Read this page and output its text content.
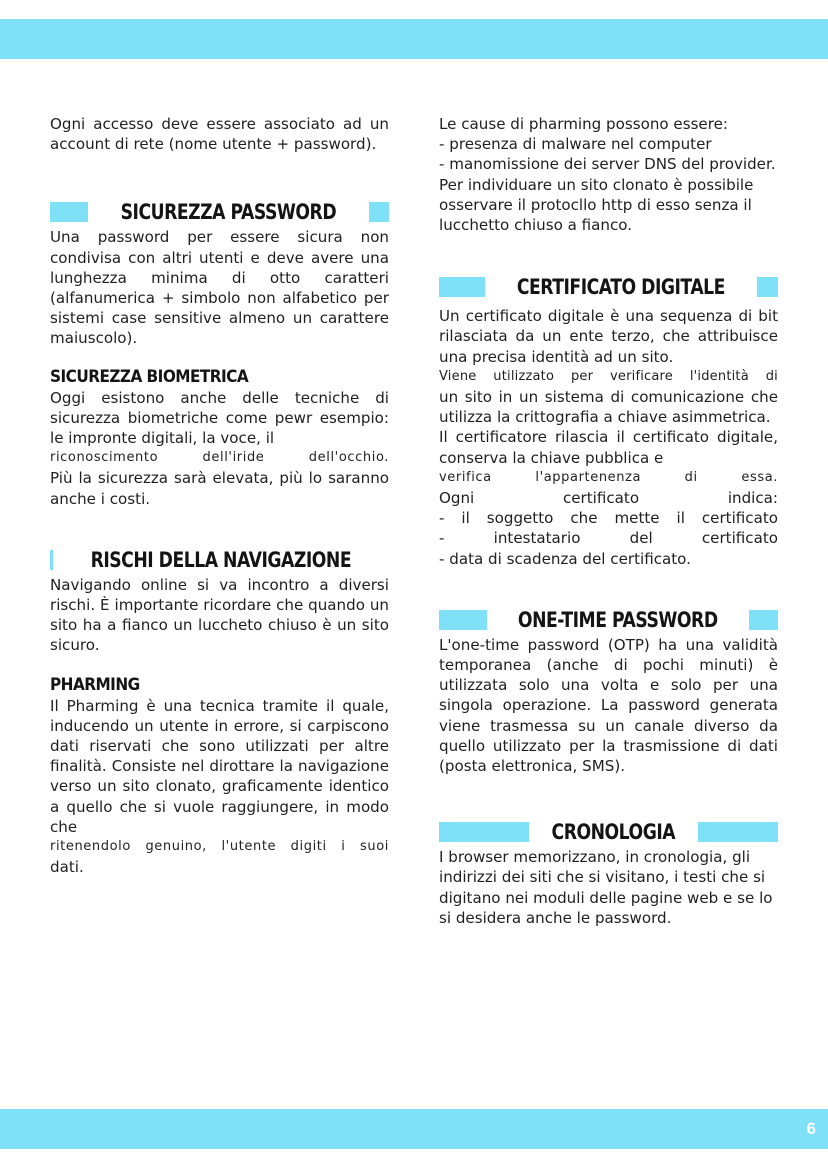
Ogni accesso deve essere associato ad un account di rete (nome utente + password).

SICUREZZA PASSWORD

Una password per essere sicura non condivisa con altri utenti e deve avere una lunghezza minima di otto caratteri (alfanumerica + simbolo non alfabetico per sistemi case sensitive almeno un carattere maiuscolo).

SICUREZZA BIOMETRICA

Oggi esistono anche delle tecniche di sicurezza biometriche come pewr esempio: le impronte digitali, la voce, il

riconoscimento dell'iride dell'occhio.

Più la sicurezza sarà elevata, più lo saranno anche i costi.

RISCHI DELLA NAVIGAZIONE

Navigando online si va incontro a diversi rischi. È importante ricordare che quando un sito ha a fianco un luccheto chiuso è un sito sicuro.

PHARMING

Il Pharming è una tecnica tramite il quale, inducendo un utente in errore, si carpiscono dati riservati che sono utilizzati per altre finalità. Consiste nel dirottare la navigazione verso un sito clonato, graficamente identico a quello che si vuole raggiungere, in modo che

ritenendolo genuino, l'utente digiti i suoi

dati.

Le cause di pharming possono essere:

- presenza di malware nel computer

- manomissione dei server DNS del provider.

Per individuare un sito clonato è possibile osservare il protocllo http di esso senza il lucchetto chiuso a fianco.

CERTIFICATO DIGITALE

Un certificato digitale è una sequenza di bit rilasciata da un ente terzo, che attribuisce una precisa identità ad un sito.

Viene utilizzato per verificare l'identità di

un sito in un sistema di comunicazione che utilizza la crittografia a chiave asimmetrica.

Il certificatore rilascia il certificato digitale, conserva la chiave pubblica e

verifica l'appartenenza di essa.

Ogni certificato indica:

- il soggetto che mette il certificato

- intestatario del certificato

- data di scadenza del certificato.

ONE-TIME PASSWORD

L'one-time password (OTP) ha una validità temporanea (anche di pochi minuti) è utilizzata solo una volta e solo per una singola operazione. La password generata viene trasmessa su un canale diverso da quello utilizzato per la trasmissione di dati (posta elettronica, SMS).

CRONOLOGIA

I browser memorizzano, in cronologia, gli indirizzi dei siti che si visitano, i testi che si digitano nei moduli delle pagine web e se lo si desidera anche le password.

6
